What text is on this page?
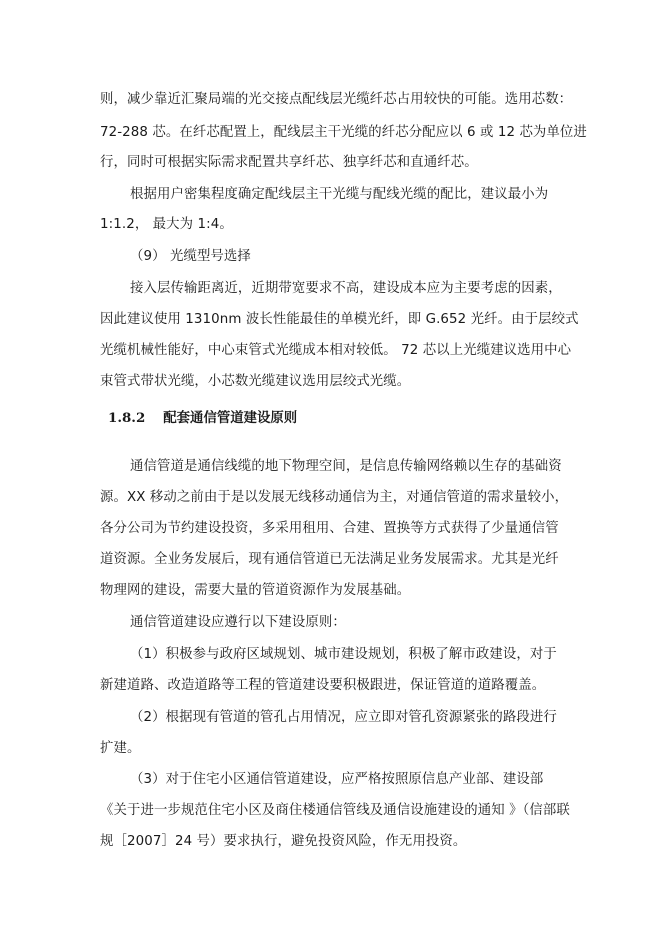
则，减少靠近汇聚局端的光交接点配线层光缆纤芯占用较快的可能。选用芯数：
72-288 芯。在纤芯配置上，配线层主干光缆的纤芯分配应以 6 或 12 芯为单位进
行，同时可根据实际需求配置共享纤芯、独享纤芯和直通纤芯。
根据用户密集程度确定配线层主干光缆与配线光缆的配比，建议最小为
1:1.2， 最大为 1:4。
（9） 光缆型号选择
接入层传输距离近，近期带宽要求不高，建设成本应为主要考虑的因素，
因此建议使用 1310nm 波长性能最佳的单模光纤，即 G.652 光纤。由于层绞式
光缆机械性能好，中心束管式光缆成本相对较低。 72 芯以上光缆建议选用中心
束管式带状光缆，小芯数光缆建议选用层绞式光缆。
1.8.2 配套通信管道建设原则
通信管道是通信线缆的地下物理空间，是信息传输网络赖以生存的基础资
源。XX 移动之前由于是以发展无线移动通信为主，对通信管道的需求量较小，
各分公司为节约建设投资，多采用租用、合建、置换等方式获得了少量通信管
道资源。全业务发展后，现有通信管道已无法满足业务发展需求。尤其是光纤
物理网的建设，需要大量的管道资源作为发展基础。
通信管道建设应遵行以下建设原则：
（1）积极参与政府区域规划、城市建设规划，积极了解市政建设，对于
新建道路、改造道路等工程的管道建设要积极跟进，保证管道的道路覆盖。
（2）根据现有管道的管孔占用情况，应立即对管孔资源紧张的路段进行
扩建。
（3）对于住宅小区通信管道建设，应严格按照原信息产业部、建设部
《关于进一步规范住宅小区及商住楼通信管线及通信设施建设的通知 》（信部联
规［2007］24 号）要求执行，避免投资风险，作无用投资。
